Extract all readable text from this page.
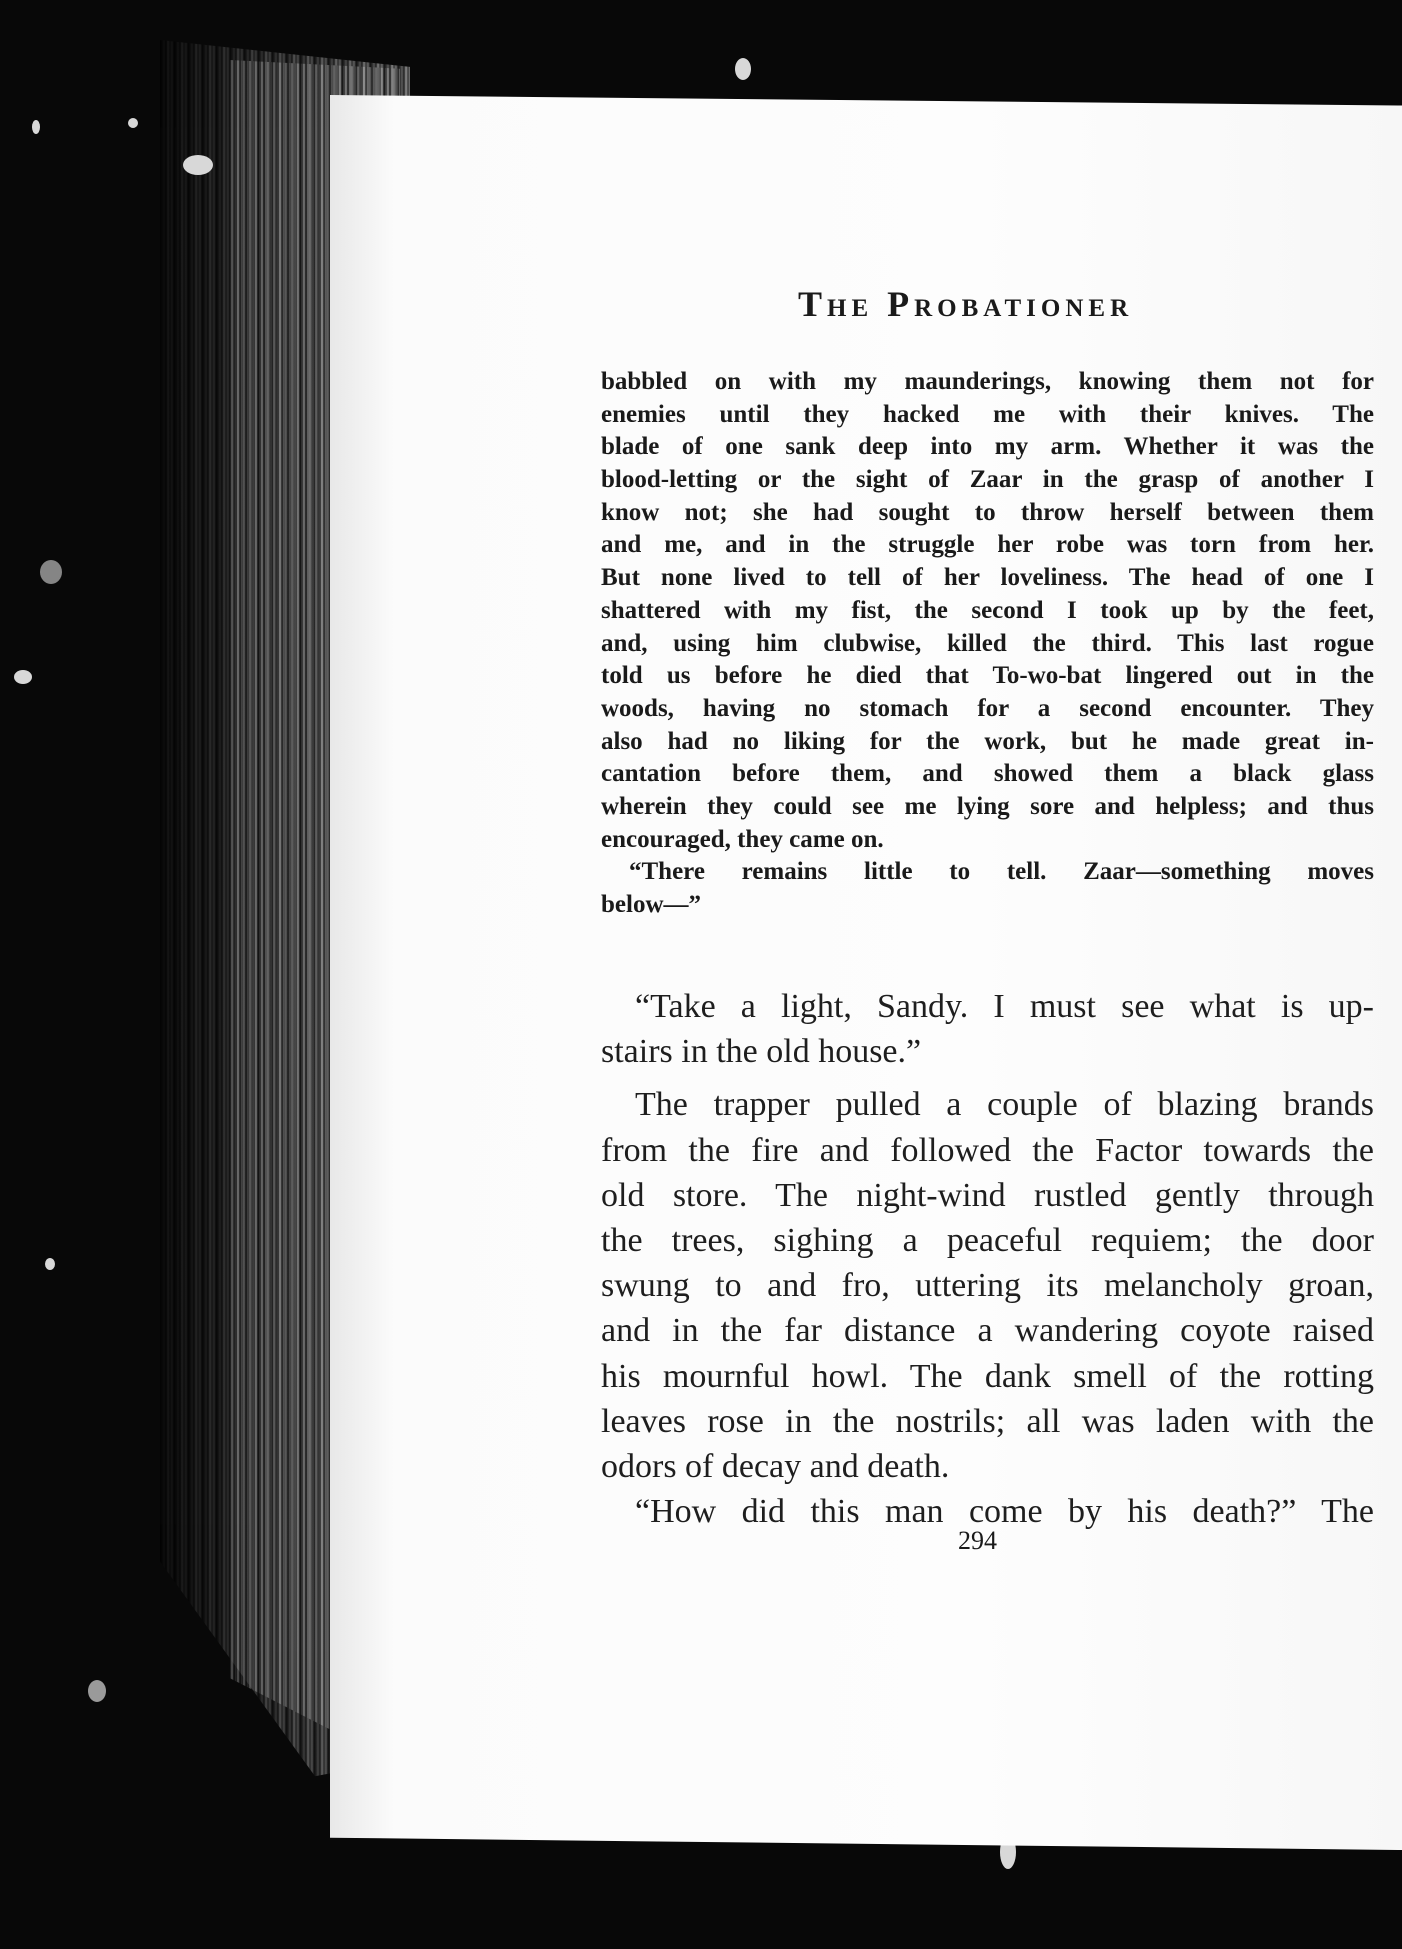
The Probationer
babbled on with my maunderings, knowing them not for
enemies until they hacked me with their knives. The
blade of one sank deep into my arm. Whether it was the
blood-letting or the sight of Zaar in the grasp of another I
know not; she had sought to throw herself between them
and me, and in the struggle her robe was torn from her.
But none lived to tell of her loveliness. The head of one I
shattered with my fist, the second I took up by the feet,
and, using him clubwise, killed the third. This last rogue
told us before he died that To-wo-bat lingered out in the
woods, having no stomach for a second encounter. They
also had no liking for the work, but he made great in-
cantation before them, and showed them a black glass
wherein they could see me lying sore and helpless; and thus
encouraged, they came on.
“There remains little to tell. Zaar—something moves
below—”
“Take a light, Sandy. I must see what is up-
stairs in the old house.”
The trapper pulled a couple of blazing brands
from the fire and followed the Factor towards the
old store. The night-wind rustled gently through
the trees, sighing a peaceful requiem; the door
swung to and fro, uttering its melancholy groan,
and in the far distance a wandering coyote raised
his mournful howl. The dank smell of the rotting
leaves rose in the nostrils; all was laden with the
odors of decay and death.
“How did this man come by his death?” The
294
